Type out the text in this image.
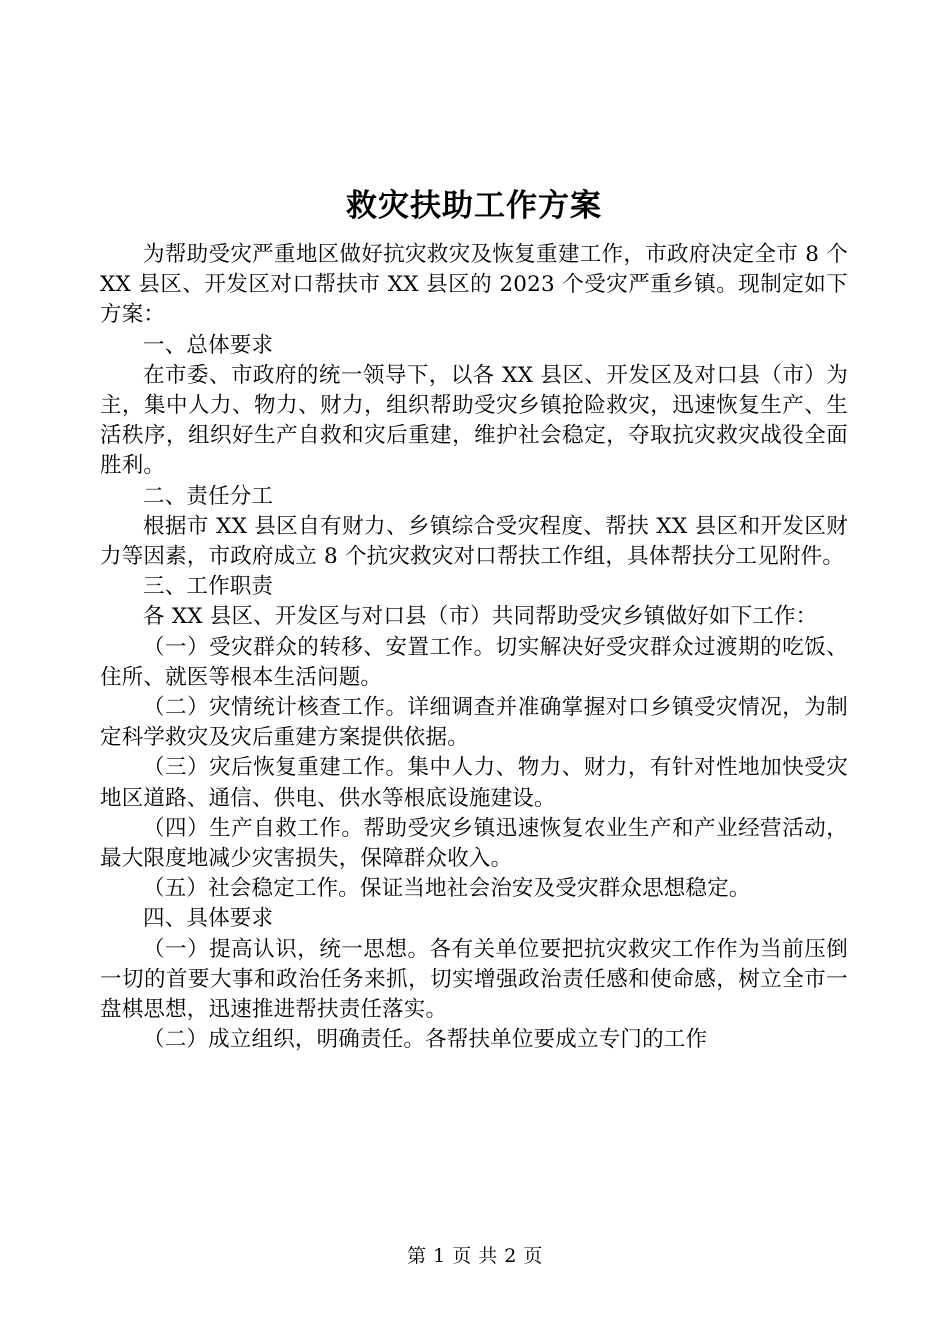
救灾扶助工作方案

为帮助受灾严重地区做好抗灾救灾及恢复重建工作，市政府决定全市 8 个 XX 县区、开发区对口帮扶市 XX 县区的 2023 个受灾严重乡镇。现制定如下方案：

一、总体要求

在市委、市政府的统一领导下，以各 XX 县区、开发区及对口县（市）为主，集中人力、物力、财力，组织帮助受灾乡镇抢险救灾，迅速恢复生产、生活秩序，组织好生产自救和灾后重建，维护社会稳定，夺取抗灾救灾战役全面胜利。

二、责任分工

根据市 XX 县区自有财力、乡镇综合受灾程度、帮扶 XX 县区和开发区财力等因素，市政府成立 8 个抗灾救灾对口帮扶工作组，具体帮扶分工见附件。

三、工作职责

各 XX 县区、开发区与对口县（市）共同帮助受灾乡镇做好如下工作：

（一）受灾群众的转移、安置工作。切实解决好受灾群众过渡期的吃饭、住所、就医等根本生活问题。

（二）灾情统计核查工作。详细调查并准确掌握对口乡镇受灾情况，为制定科学救灾及灾后重建方案提供依据。

（三）灾后恢复重建工作。集中人力、物力、财力，有针对性地加快受灾地区道路、通信、供电、供水等根底设施建设。

（四）生产自救工作。帮助受灾乡镇迅速恢复农业生产和产业经营活动，最大限度地减少灾害损失，保障群众收入。

（五）社会稳定工作。保证当地社会治安及受灾群众思想稳定。

四、具体要求

（一）提高认识，统一思想。各有关单位要把抗灾救灾工作作为当前压倒一切的首要大事和政治任务来抓，切实增强政治责任感和使命感，树立全市一盘棋思想，迅速推进帮扶责任落实。

（二）成立组织，明确责任。各帮扶单位要成立专门的工作

第 1 页 共 2 页
